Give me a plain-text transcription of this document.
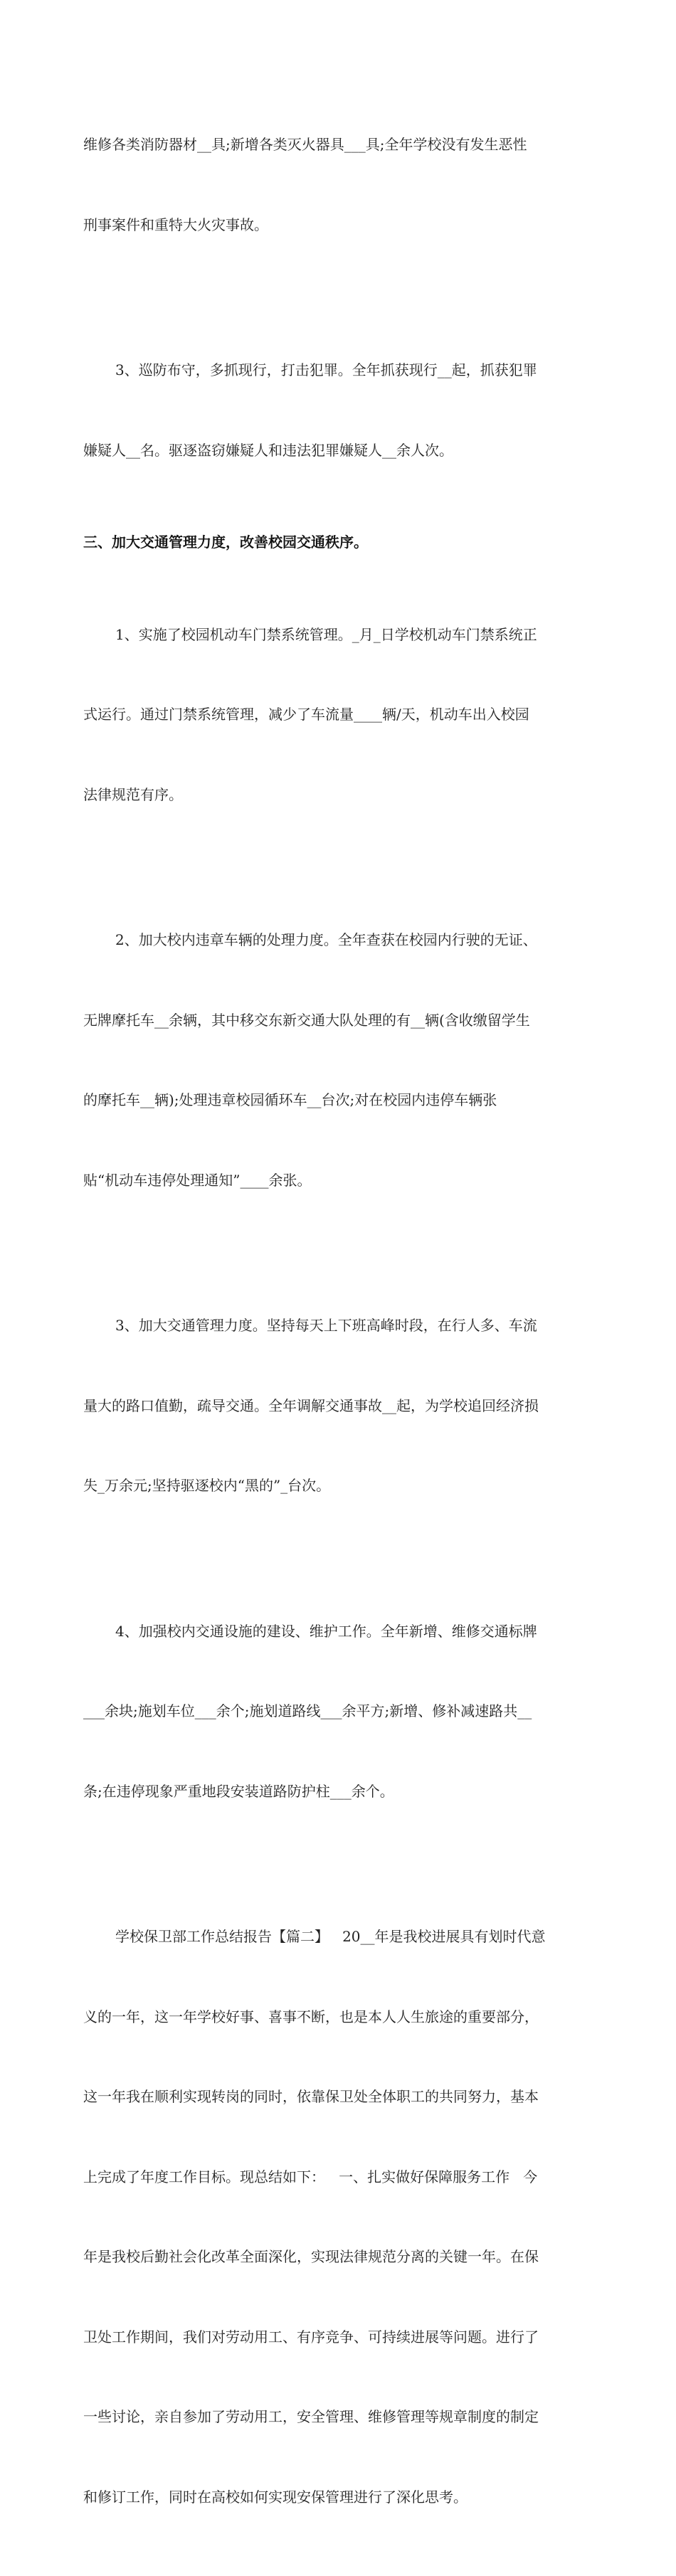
维修各类消防器材__具;新增各类灭火器具___具;全年学校没有发生恶性

刑事案件和重特大火灾事故。

3、巡防布守，多抓现行，打击犯罪。全年抓获现行__起，抓获犯罪

嫌疑人__名。驱逐盗窃嫌疑人和违法犯罪嫌疑人__余人次。

三、加大交通管理力度，改善校园交通秩序。

1、实施了校园机动车门禁系统管理。_月_日学校机动车门禁系统正

式运行。通过门禁系统管理，减少了车流量____辆/天，机动车出入校园

法律规范有序。

2、加大校内违章车辆的处理力度。全年查获在校园内行驶的无证、

无牌摩托车__余辆，其中移交东新交通大队处理的有__辆(含收缴留学生

的摩托车__辆);处理违章校园循环车__台次;对在校园内违停车辆张

贴“机动车违停处理通知”____余张。

3、加大交通管理力度。坚持每天上下班高峰时段，在行人多、车流

量大的路口值勤，疏导交通。全年调解交通事故__起，为学校追回经济损

失_万余元;坚持驱逐校内“黑的”_台次。

4、加强校内交通设施的建设、维护工作。全年新增、维修交通标牌

___余块;施划车位___余个;施划道路线___余平方;新增、修补减速路共__

条;在违停现象严重地段安装道路防护柱___余个。

学校保卫部工作总结报告【篇二】   20__年是我校进展具有划时代意

义的一年，这一年学校好事、喜事不断，也是本人人生旅途的重要部分，

这一年我在顺利实现转岗的同时，依靠保卫处全体职工的共同努力，基本

上完成了年度工作目标。现总结如下：   一、扎实做好保障服务工作   今

年是我校后勤社会化改革全面深化，实现法律规范分离的关键一年。在保

卫处工作期间，我们对劳动用工、有序竞争、可持续进展等问题。进行了

一些讨论，亲自参加了劳动用工，安全管理、维修管理等规章制度的制定

和修订工作，同时在高校如何实现安保管理进行了深化思考。
